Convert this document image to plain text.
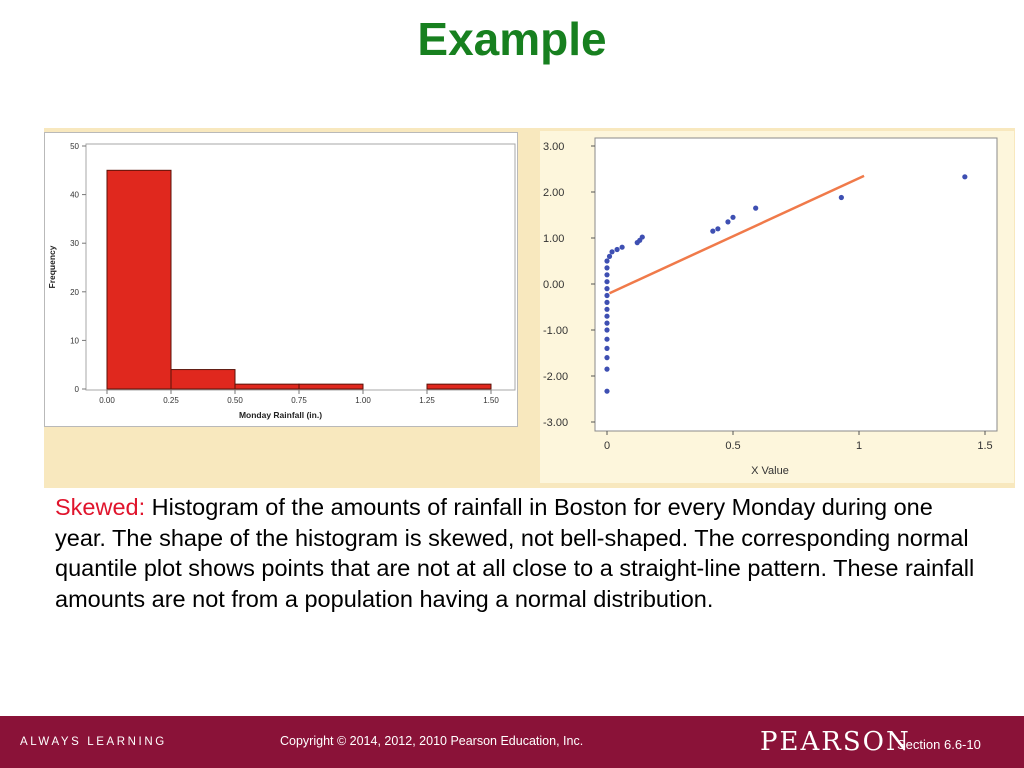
Example
0
10
20
30
40
50
0.00	0.25	0.50	0.75	1.00	1.25	1.50
Monday Rainfall (in.)
Frequency
3.00
2.00
1.00
0.00
-1.00
-2.00
-3.00
0	0.5	1	1.5
X Value
Skewed: Histogram of the amounts of rainfall in Boston for every Monday during one year. The shape of the histogram is skewed, not bell-shaped. The corresponding normal quantile plot shows points that are not at all close to a straight-line pattern. These rainfall amounts are not from a population having a normal distribution.
ALWAYS LEARNING	Copyright © 2014, 2012, 2010 Pearson Education, Inc.	PEARSON
Section 6.6-10
